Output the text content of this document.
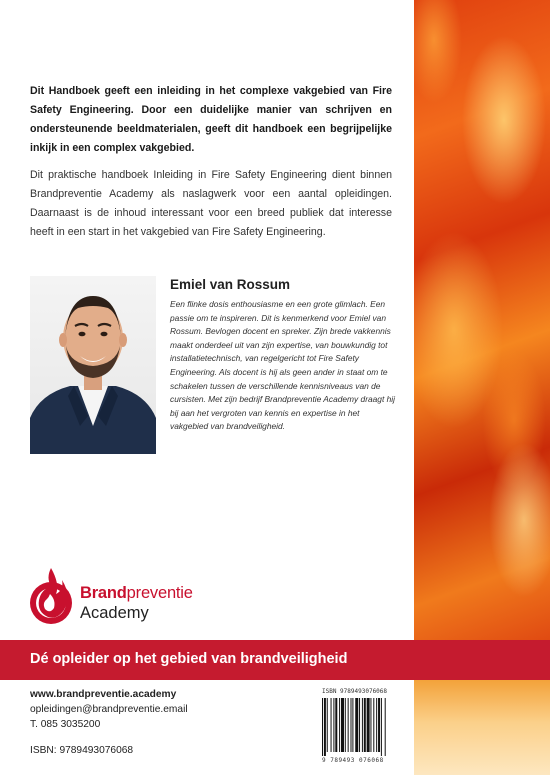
Dit Handboek geeft een inleiding in het complexe vakgebied van Fire Safety Engineering. Door een duidelijke manier van schrijven en ondersteunende beeldmaterialen, geeft dit handboek een begrijpelijke inkijk in een complex vakgebied.

Dit praktische handboek Inleiding in Fire Safety Engineering dient binnen Brandpreventie Academy als naslagwerk voor een aantal opleidingen. Daarnaast is de inhoud interessant voor een breed publiek dat interesse heeft in een start in het vakgebied van Fire Safety Engineering.

Emiel van Rossum

Een flinke dosis enthousiasme en een grote glimlach. Een passie om te inspireren. Dit is kenmerkend voor Emiel van Rossum. Bevlogen docent en spreker. Zijn brede vakkennis maakt onderdeel uit van zijn expertise, van bouwkundig tot installatietechnisch, van regelgericht tot Fire Safety Engineering. Als docent is hij als geen ander in staat om te schakelen tussen de verschillende kennisniveaus van de cursisten. Met zijn bedrijf Brandpreventie Academy draagt hij bij aan het vergroten van kennis en expertise in het vakgebied van brandveiligheid.

Brandpreventie

Academy

Dé opleider op het gebied van brandveiligheid

www.brandpreventie.academy

opleidingen@brandpreventie.email

T. 085 3035200

ISBN: 9789493076068

ISBN 9789493076068

9 789493 076068
